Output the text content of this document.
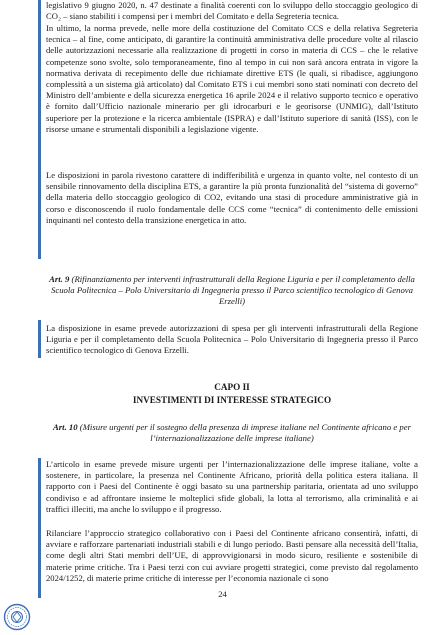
legislativo 9 giugno 2020, n. 47 destinate a finalità coerenti con lo sviluppo dello stoccaggio geologico di CO₂ – siano stabiliti i compensi per i membri del Comitato e della Segreteria tecnica.

In ultimo, la norma prevede, nelle more della costituzione del Comitato CCS e della relativa Segreteria tecnica – al fine, come anticipato, di garantire la continuità amministrativa delle procedure volte al rilascio delle autorizzazioni necessarie alla realizzazione di progetti in corso in materia di CCS – che le relative competenze sono svolte, solo temporaneamente, fino al tempo in cui non sarà ancora entrata in vigore la normativa derivata di recepimento delle due richiamate direttive ETS (le quali, si ribadisce, aggiungono complessità a un sistema già articolato) dal Comitato ETS i cui membri sono stati nominati con decreto del Ministro dell’ambiente e della sicurezza energetica 16 aprile 2024 e il relativo supporto tecnico e operativo è fornito dall’Ufficio nazionale minerario per gli idrocarburi e le georisorse (UNMIG), dall’Istituto superiore per la protezione e la ricerca ambientale (ISPRA) e dall’Istituto superiore di sanità (ISS), con le risorse umane e strumentali disponibili a legislazione vigente.

Le disposizioni in parola rivestono carattere di indifferibilità e urgenza in quanto volte, nel contesto di un sensibile rinnovamento della disciplina ETS, a garantire la più pronta funzionalità del “sistema di governo” della materia dello stoccaggio geologico di CO2, evitando una stasi di procedure amministrative già in corso e disconoscendo il ruolo fondamentale delle CCS come “tecnica” di contenimento delle emissioni inquinanti nel contesto della transizione energetica in atto.

Art. 9 (Rifinanziamento per interventi infrastrutturali della Regione Liguria e per il completamento della Scuola Politecnica – Polo Universitario di Ingegneria presso il Parco scientifico tecnologico di Genova Erzelli)

La disposizione in esame prevede autorizzazioni di spesa per gli interventi infrastrutturali della Regione Liguria e per il completamento della Scuola Politecnica – Polo Universitario di Ingegneria presso il Parco scientifico tecnologico di Genova Erzelli.

CAPO II

INVESTIMENTI DI INTERESSE STRATEGICO

Art. 10 (Misure urgenti per il sostegno della presenza di imprese italiane nel Continente africano e per l’internazionalizzazione delle imprese italiane)

L’articolo in esame prevede misure urgenti per l’internazionalizzazione delle imprese italiane, volte a sostenere, in particolare, la presenza nel Continente Africano, priorità della politica estera italiana. Il rapporto con i Paesi del Continente è oggi basato su una partnership paritaria, orientata ad uno sviluppo condiviso e ad affrontare insieme le molteplici sfide globali, la lotta al terrorismo, alla criminalità e ai traffici illeciti, ma anche lo sviluppo e il progresso.

Rilanciare l’approccio strategico collaborativo con i Paesi del Continente africano consentirà, infatti, di avviare e rafforzare partenariati industriali stabili e di lungo periodo. Basti pensare alla necessità dell’Italia, come degli altri Stati membri dell’UE, di approvvigionarsi in modo sicuro, resiliente e sostenibile di materie prime critiche. Tra i Paesi terzi con cui avviare progetti strategici, come previsto dal regolamento 2024/1252, di materie prime critiche di interesse per l’economia nazionale ci sono

24
